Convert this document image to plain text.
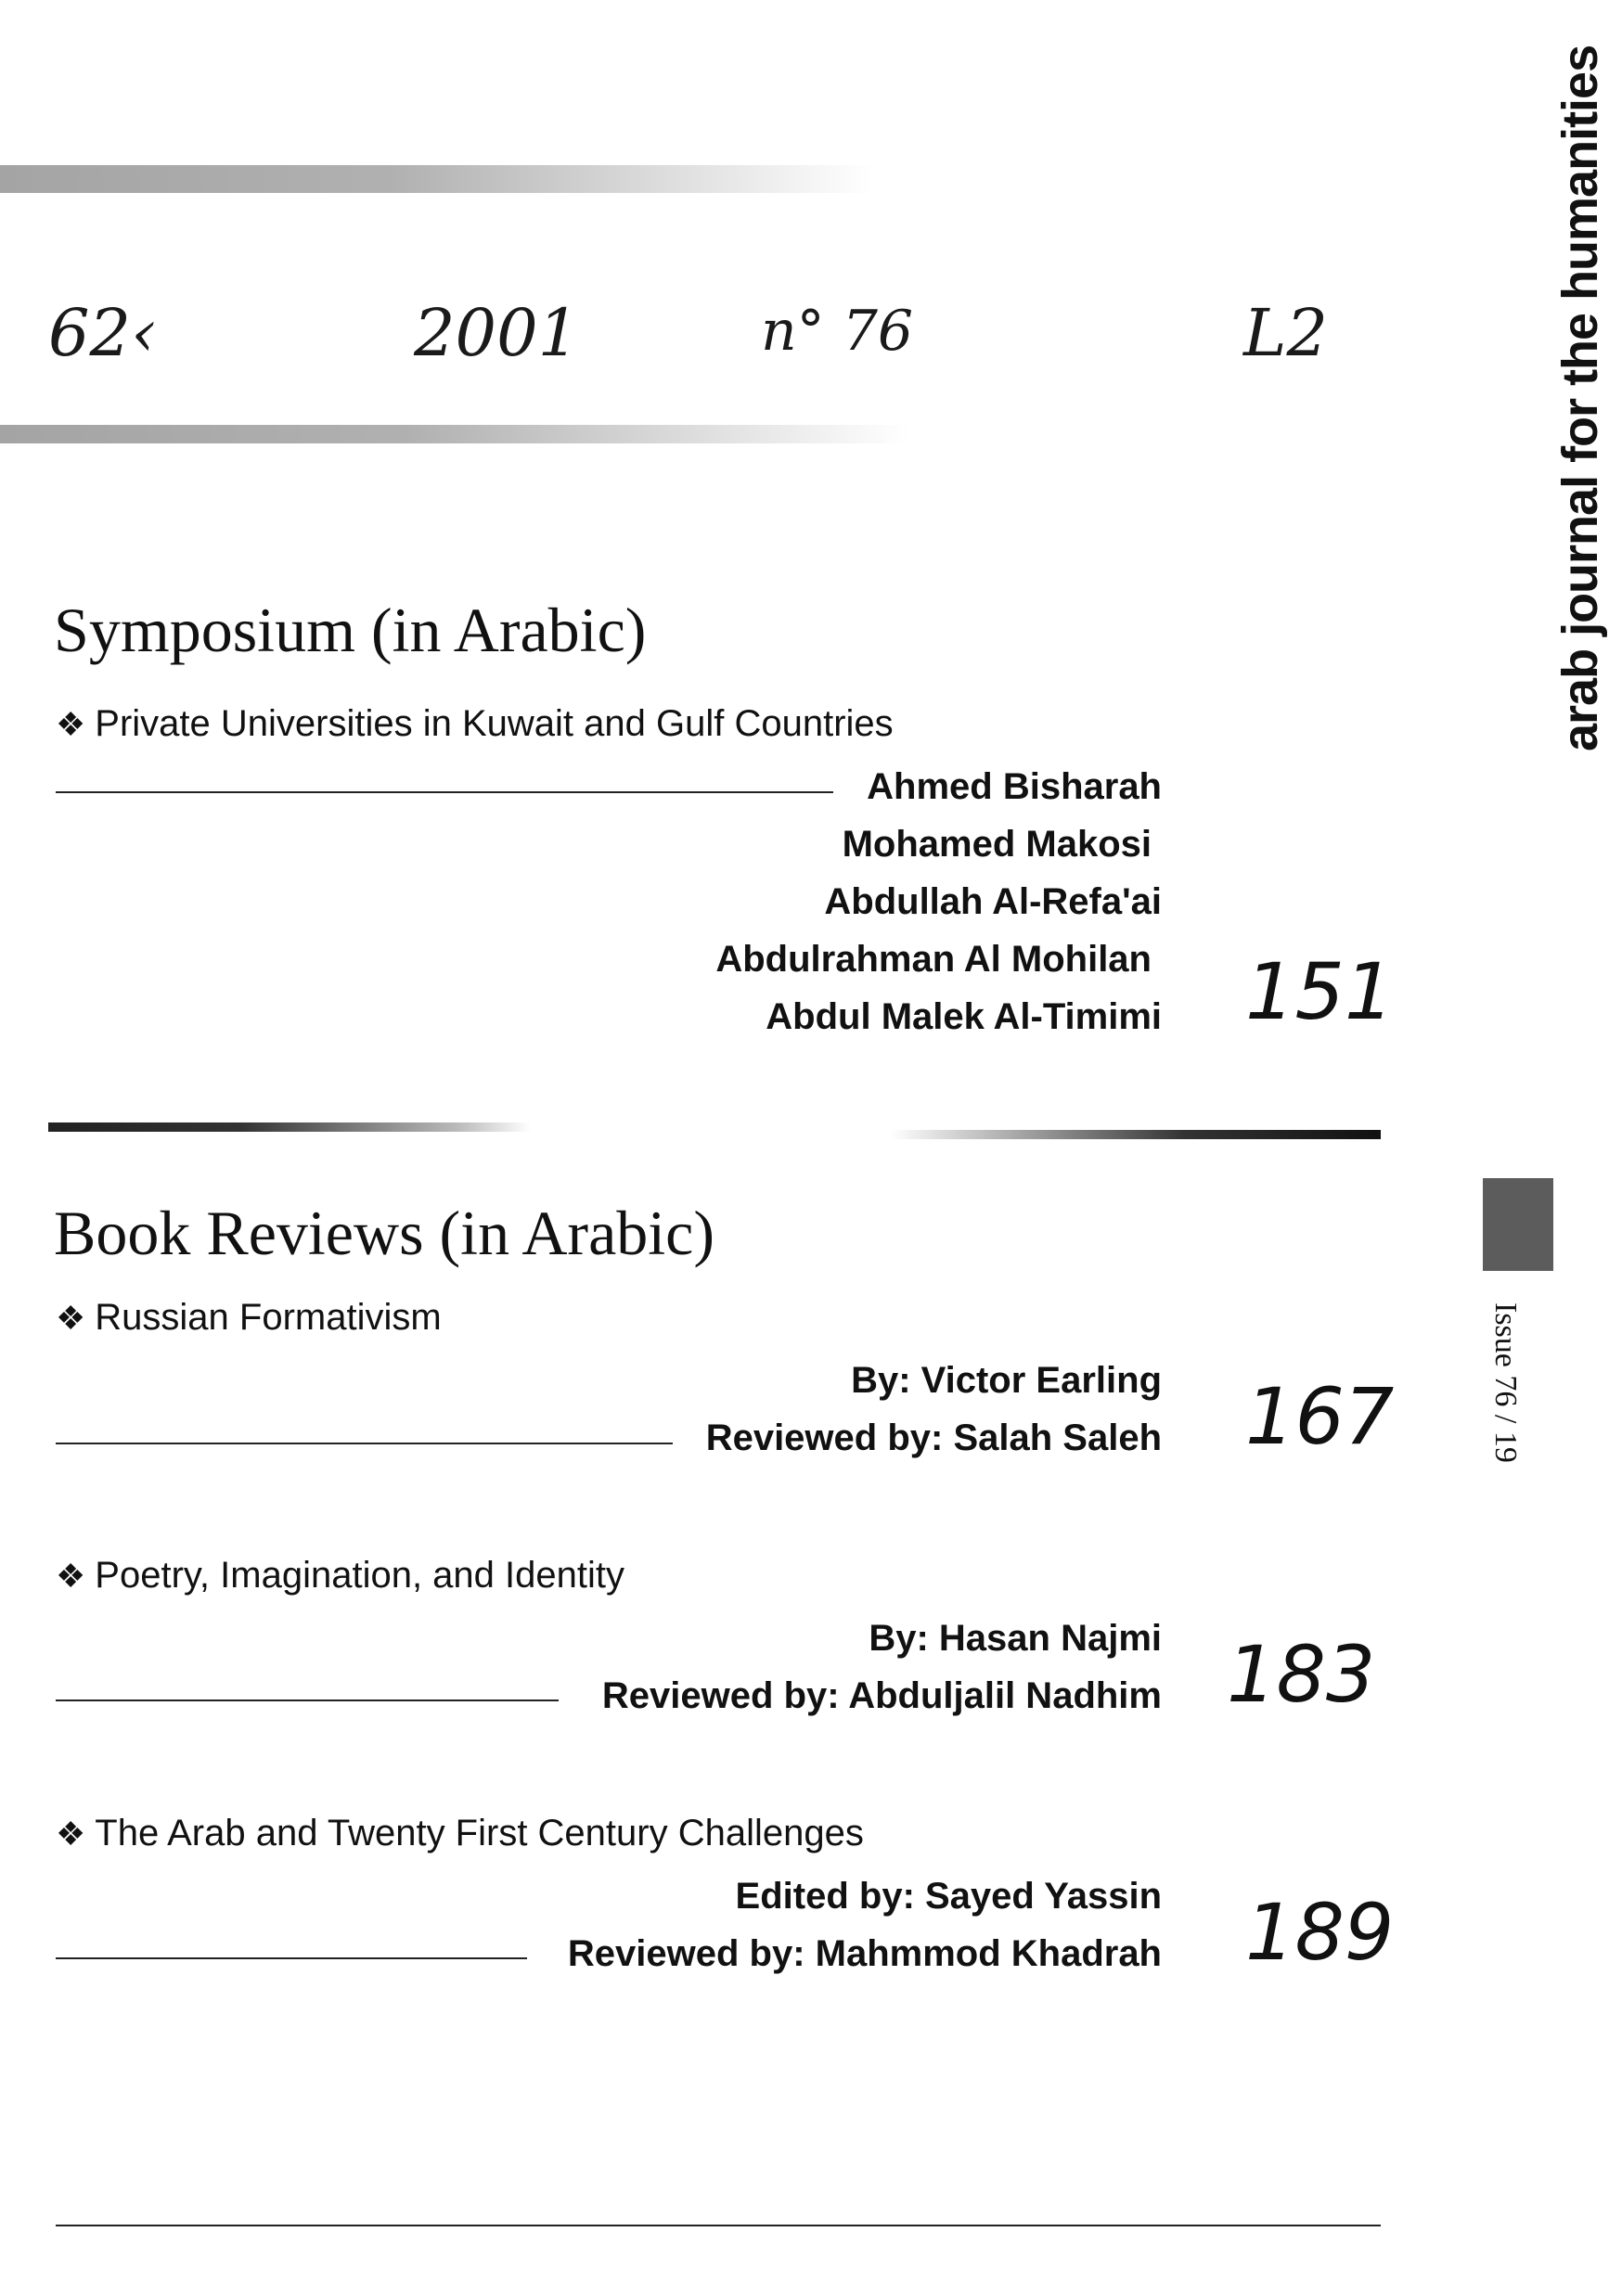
62‹	2001	n° 76	L2
Symposium (in Arabic)
❖ Private Universities in Kuwait and Gulf Countries
Ahmed Bisharah
Mohamed Makosi
Abdullah Al-Refa'ai
Abdulrahman Al Mohilan
Abdul Malek Al-Timimi 151
Book Reviews (in Arabic)
❖ Russian Formativism
By: Victor Earling
Reviewed by: Salah Saleh 167
❖ Poetry, Imagination, and Identity
By: Hasan Najmi
Reviewed by: Abduljalil Nadhim 183
❖ The Arab and Twenty First Century Challenges
Edited by: Sayed Yassin
Reviewed by: Mahmmod Khadrah 189
arab journal for the humanities
Issue 76 / 19
